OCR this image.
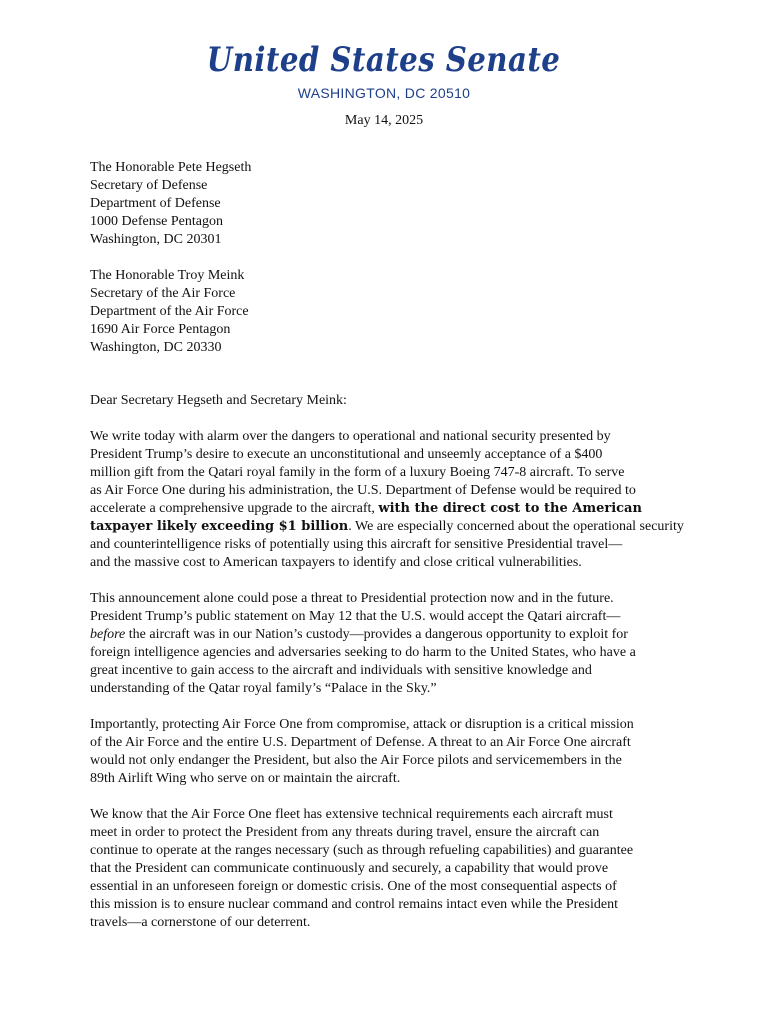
United States Senate
WASHINGTON, DC 20510
May 14, 2025
The Honorable Pete Hegseth
Secretary of Defense
Department of Defense
1000 Defense Pentagon
Washington, DC 20301
The Honorable Troy Meink
Secretary of the Air Force
Department of the Air Force
1690 Air Force Pentagon
Washington, DC 20330
Dear Secretary Hegseth and Secretary Meink:

We write today with alarm over the dangers to operational and national security presented by
President Trump’s desire to execute an unconstitutional and unseemly acceptance of a $400
million gift from the Qatari royal family in the form of a luxury Boeing 747-8 aircraft. To serve
as Air Force One during his administration, the U.S. Department of Defense would be required to
accelerate a comprehensive upgrade to the aircraft, with the direct cost to the American
taxpayer likely exceeding $1 billion. We are especially concerned about the operational security
and counterintelligence risks of potentially using this aircraft for sensitive Presidential travel—
and the massive cost to American taxpayers to identify and close critical vulnerabilities.

This announcement alone could pose a threat to Presidential protection now and in the future.
President Trump’s public statement on May 12 that the U.S. would accept the Qatari aircraft—
before the aircraft was in our Nation’s custody—provides a dangerous opportunity to exploit for
foreign intelligence agencies and adversaries seeking to do harm to the United States, who have a
great incentive to gain access to the aircraft and individuals with sensitive knowledge and
understanding of the Qatar royal family’s “Palace in the Sky.”

Importantly, protecting Air Force One from compromise, attack or disruption is a critical mission
of the Air Force and the entire U.S. Department of Defense. A threat to an Air Force One aircraft
would not only endanger the President, but also the Air Force pilots and servicemembers in the
89th Airlift Wing who serve on or maintain the aircraft.

We know that the Air Force One fleet has extensive technical requirements each aircraft must
meet in order to protect the President from any threats during travel, ensure the aircraft can
continue to operate at the ranges necessary (such as through refueling capabilities) and guarantee
that the President can communicate continuously and securely, a capability that would prove
essential in an unforeseen foreign or domestic crisis. One of the most consequential aspects of
this mission is to ensure nuclear command and control remains intact even while the President
travels—a cornerstone of our deterrent.
